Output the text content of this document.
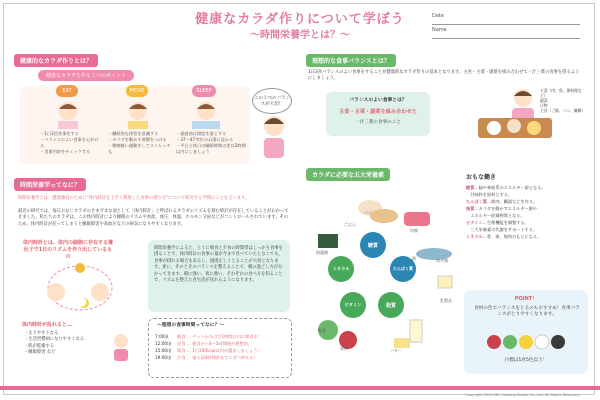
健康なカラダ作りについて学ぼう
〜時間栄養学とは？〜
Date
Name
健康的なカラダ作りとは？
健康なカラダを作る３つのポイント
EAT	MOVE	SLEEP
・1日3回食事をする
・バランスのよい食事を心がける
・食事内容をチェックする
・継続的な体型を意識する
・カラダを動かす習慣をつける
・朝晩軽い運動をしてストレッチも
・就寝前は照度を落とする
・37〜47℃位のお湯に浸かる
・平日と休日の睡眠時間の差は2時間以内にしましょう
この３つのバランスが大切！
時間栄養学ってなに？
時間栄養学とは、健康維持のために"体内時計を上手く利用した食事の摂り方"について研究する学問のことを言います。
最近の研究では、毎日おなじカラダのさまざまな面として「体内時計」と呼ばれるカラダのリズムを刻む時計が存在していることがわかってきました。私たちのカラダは、この体内時計により睡眠のリズムや食欲、血圧、体温、ホルモン分泌などがコントロールされています。そのため、体内時計が狂ってしまうと睡眠障害や高血圧などの病気になりやすくなります。
体内時計とは、体内の細胞に存在する遺伝子で1日のリズムを作り出しているもの
体内時計が乱れると…
・太りやすくなる
・生活習慣病になりやすくなる
・肌が乾燥する
・睡眠障害 など
時間栄養学によると、とくに朝食と夕食の時間帯はしっかり食事を摂ることで、体内時計の食事の量が今まで食べていたとなくても、食事が摂れる場合もあるし、規則正しくとることが大切となります。逆に、そのときのバランスを整えることで、朝の過ごし方が分かってきます。朝に強い、夜に強い、それぞれの食べ方を知ることで、リズムを整えた食生活が送れるようになります。
〜理想の食事時間ってなに？〜
7:00頃 朝食 … ペットかたはで1時間以内に朝食を！
12:00頃 昼食 … 朝食から4〜5時間後が理想的。
15:00頃 間食 … 1日200kcal以内が選ましましょう！
19:00頃 夕食 … 寝る前3時間前までに食べ終える！
理想的な食事バランスとは？
1日3食バランスのよい食事をすることが健康的なカラダ作りの基本となります。主食・主菜・副菜を組み合わせて一汁三菜の食事を摂るようにしましょう。
バランスのよい食事とは？
主食・主菜・副菜を組み合わせた
一汁三菜の食事のこと
主菜（肉、魚、卵料理など）
副菜
汁物
主食（ご飯、パン、麺類）
カラダに必要な五大栄養素
糖質
たんぱく質
脂質
ビタミン
ミネラル
パン
ごはん
肉類
魚介類
卵
乳製品
果物
野菜
海藻類
バター
おもな働き
糖質…脳や神経系のエネルギー源となる。
　甘味料を原料とする。
たんぱく質…筋肉、臓器などを作る。
脂質…カラダを動かすエネルギー源や
　エネルギー貯蔵物質となる。
ビタミン…生理機能を調整する。
　三大栄養素の代謝をサポートする。
ミネラル…骨、歯、筋肉のもとになる。
POINT！
食材の色でバランスをとるのもおすすめ！食事バランスがとりやすくなります。
目標は1食5色以上！
Copyright 2019 ABC Cooking Studio Co., Ltd. All Rights Reserved.
